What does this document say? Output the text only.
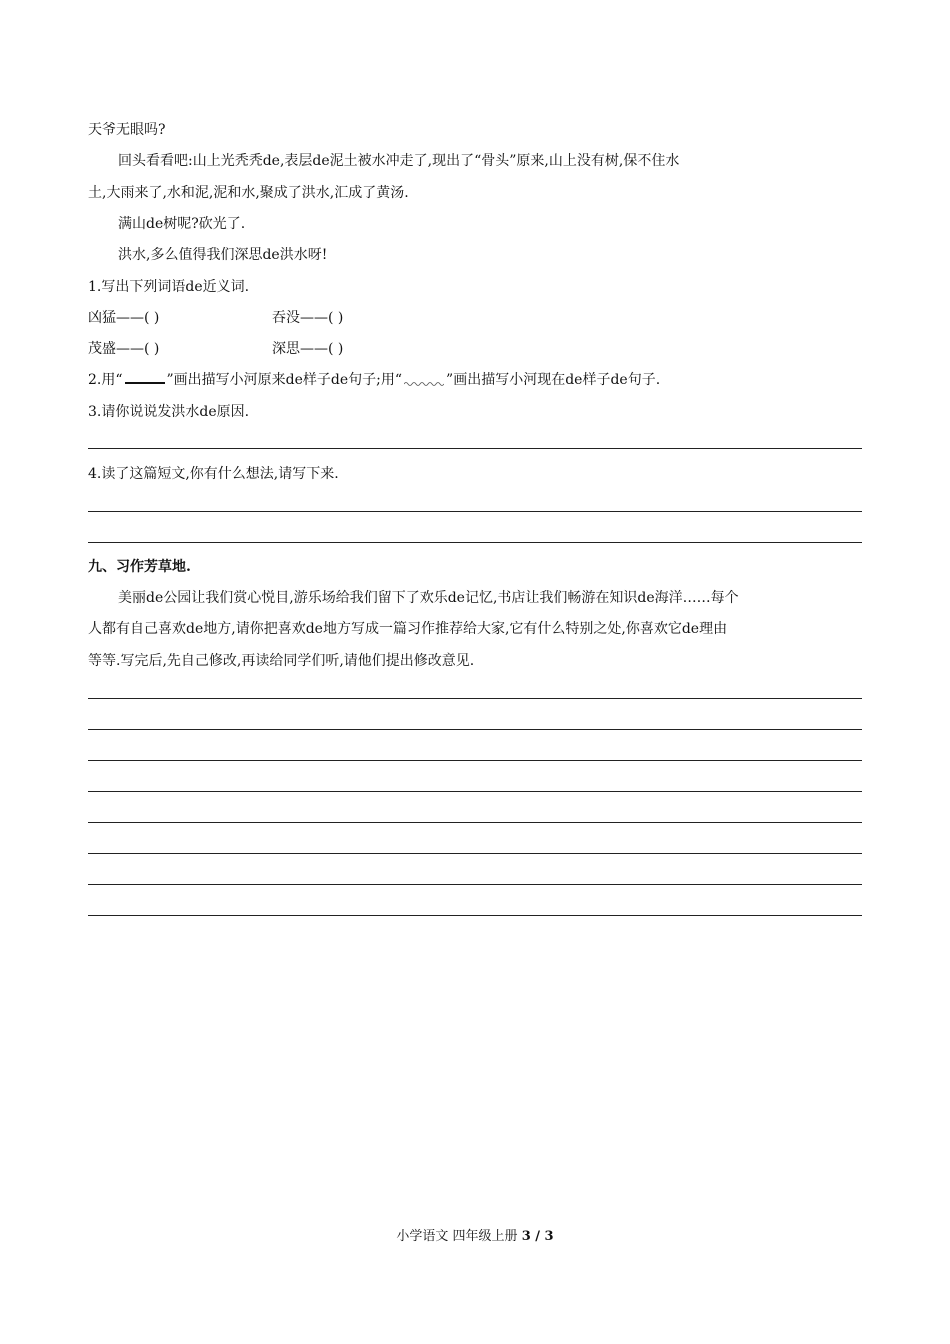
天爷无眼吗?
回头看看吧:山上光秃秃de,表层de泥土被水冲走了,现出了“骨头”原来,山上没有树,保不住水
土,大雨来了,水和泥,泥和水,聚成了洪水,汇成了黄汤.
满山de树呢?砍光了.
洪水,多么值得我们深思de洪水呀!
1.写出下列词语de近义词.
凶猛——( )	吞没——( )
茂盛——( )	深思——( )
2.用“	”画出描写小河原来de样子de句子;用“	”画出描写小河现在de样子de句子.
3.请你说说发洪水de原因.
4.读了这篇短文,你有什么想法,请写下来.
九、习作芳草地.
美丽de公园让我们赏心悦目,游乐场给我们留下了欢乐de记忆,书店让我们畅游在知识de海洋……每个
人都有自己喜欢de地方,请你把喜欢de地方写成一篇习作推荐给大家,它有什么特别之处,你喜欢它de理由
等等.写完后,先自己修改,再读给同学们听,请他们提出修改意见.
小学语文 四年级上册 3 / 3
